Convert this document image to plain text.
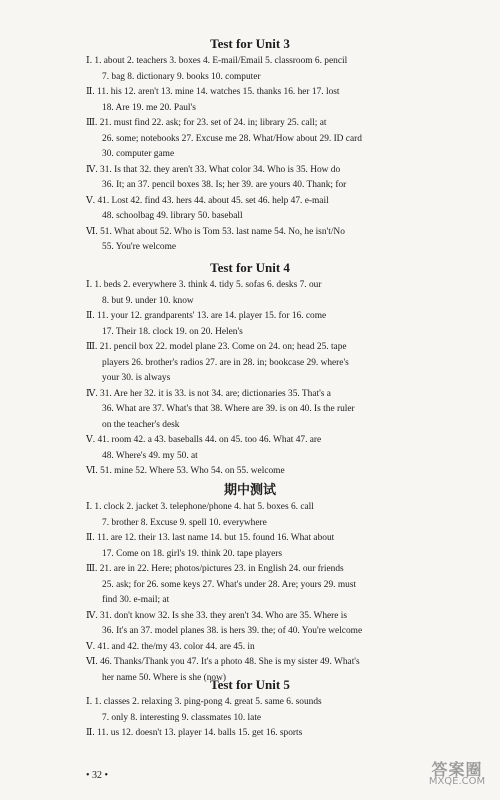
Test for Unit 3
Ⅰ. 1. about 2. teachers 3. boxes 4. E-mail/Email 5. classroom 6. pencil
7. bag 8. dictionary 9. books 10. computer
Ⅱ. 11. his 12. aren't 13. mine 14. watches 15. thanks 16. her 17. lost
18. Are 19. me 20. Paul's
Ⅲ. 21. must find 22. ask; for 23. set of 24. in; library 25. call; at
26. some; notebooks 27. Excuse me 28. What/How about 29. ID card
30. computer game
Ⅳ. 31. Is that 32. they aren't 33. What color 34. Who is 35. How do
36. It; an 37. pencil boxes 38. Is; her 39. are yours 40. Thank; for
Ⅴ. 41. Lost 42. find 43. hers 44. about 45. set 46. help 47. e-mail
48. schoolbag 49. library 50. baseball
Ⅵ. 51. What about 52. Who is Tom 53. last name 54. No, he isn't/No
55. You're welcome
Test for Unit 4
Ⅰ. 1. beds 2. everywhere 3. think 4. tidy 5. sofas 6. desks 7. our
8. but 9. under 10. know
Ⅱ. 11. your 12. grandparents' 13. are 14. player 15. for 16. come
17. Their 18. clock 19. on 20. Helen's
Ⅲ. 21. pencil box 22. model plane 23. Come on 24. on; head 25. tape
players 26. brother's radios 27. are in 28. in; bookcase 29. where's
your 30. is always
Ⅳ. 31. Are her 32. it is 33. is not 34. are; dictionaries 35. That's a
36. What are 37. What's that 38. Where are 39. is on 40. Is the ruler
on the teacher's desk
Ⅴ. 41. room 42. a 43. baseballs 44. on 45. too 46. What 47. are
48. Where's 49. my 50. at
Ⅵ. 51. mine 52. Where 53. Who 54. on 55. welcome
期中测试
Ⅰ. 1. clock 2. jacket 3. telephone/phone 4. hat 5. boxes 6. call
7. brother 8. Excuse 9. spell 10. everywhere
Ⅱ. 11. are 12. their 13. last name 14. but 15. found 16. What about
17. Come on 18. girl's 19. think 20. tape players
Ⅲ. 21. are in 22. Here; photos/pictures 23. in English 24. our friends
25. ask; for 26. some keys 27. What's under 28. Are; yours 29. must
find 30. e-mail; at
Ⅳ. 31. don't know 32. Is she 33. they aren't 34. Who are 35. Where is
36. It's an 37. model planes 38. is hers 39. the; of 40. You're welcome
Ⅴ. 41. and 42. the/my 43. color 44. are 45. in
Ⅵ. 46. Thanks/Thank you 47. It's a photo 48. She is my sister 49. What's
her name 50. Where is she (now)
Test for Unit 5
Ⅰ. 1. classes 2. relaxing 3. ping-pong 4. great 5. same 6. sounds
7. only 8. interesting 9. classmates 10. late
Ⅱ. 11. us 12. doesn't 13. player 14. balls 15. get 16. sports
• 32 •	答案圈
MXQE.COM
